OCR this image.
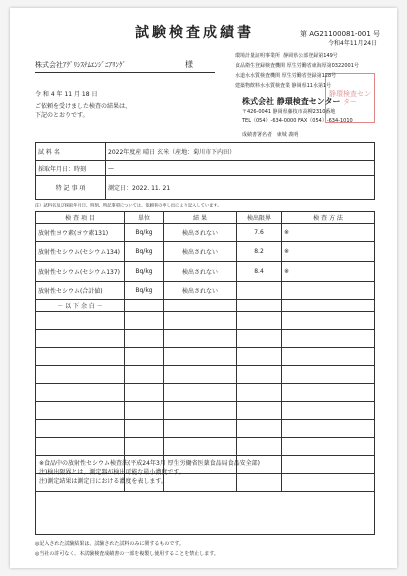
試験検査成績書	第 AG21100081-001 号
令和4年11月24日
株式会社ｱｸﾞﾘｼｽﾃﾑｴﾝｼﾞﾆｱﾘﾝｸﾞ	様
環境計量証明事業所 静岡県公部登録第149号
食品衛生登録検査機関 厚生労働省東海厚第0322001号
水道水水質検査機関 厚生労働省登録第128号
建築物飲料水水質検査業 静岡県11水第1号
静環検査センター
令 和 4 年 11 月 18 日
ご依頼を受けました検査の結果は、
下記のとおりです。
株式会社 静環検査センター
〒426-0041 静岡県藤枝市高柳2310番地
TEL（054）-634-0000 FAX（054）-634-1010
成績書署名者 東城 義明
試 料 名	2022年度産 晴日 玄米（産地：菊川市下内田）
採取年月日：時刻	—
特 記 事 項	測定日：2022. 11. 21
注）試料名及び採取年月日、時刻、特記事項については、依頼者の申し出により記入しています。
検 査 項 目	単位	結 果	検出限界	検 査 方 法
放射性ヨウ素(ヨウ素131)	Bq/kg	検出されない	7.6	※
放射性セシウム(セシウム134)	Bq/kg	検出されない	8.2	※
放射性セシウム(セシウム137)	Bq/kg	検出されない	8.4	※
放射性セシウム(合計値)	Bq/kg	検出されない		
－ 以 下 余 白 －				

※食品中の放射性セシウム検査法(平成24年3月 厚生労働省医薬食品局食品安全部)
注)検出限界とは、測定器が検出可能な最小濃度です。
注)測定結果は測定日における濃度を表します。
◎記入された試験結果は、試験された試料のみに関するものです。
◎当社の許可なく、本試験検査成績書の一部を複製し使用することを禁止します。
